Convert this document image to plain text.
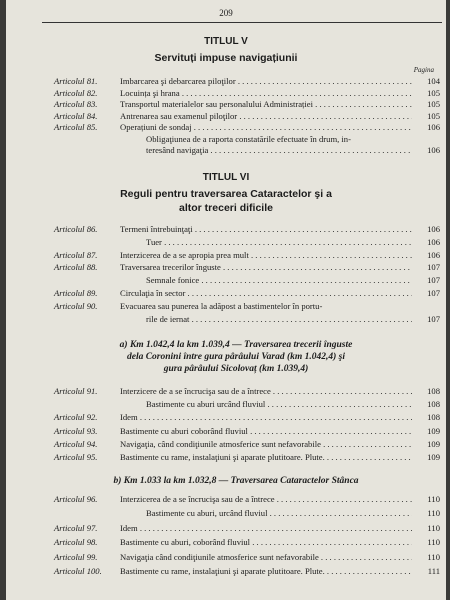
209
TITLUL V
Servituți impuse navigațiunii
Pagina
Articolul 81.	Imbarcarea şi debarcarea piloţilor . . .	104
Articolul 82.	Locuința şi hrana . . .	105
Articolul 83.	Transportul materialelor sau personalului Administrației . . .	105
Articolul 84.	Antrenarea sau examenul piloţilor . . .	105
Articolul 85.	Operațiuni de sondaj . . .	106
Obligaţiunea de a raporta constatările efectuate în drum, in-
teresând navigaţia . . .	106
TITLUL VI
Reguli pentru traversarea Cataractelor şi a
altor treceri dificile
Articolul 86.	Termeni întrebuinţaţi . . .	106
Tuer . . .	106
Articolul 87.	Interzicerea de a se apropia prea mult . . .	106
Articolul 88.	Traversarea trecerilor înguste . . .	107
Semnale fonice . . .	107
Articolul 89.	Circulaţia în sector . . .	107
Articolul 90.	Evacuarea sau punerea la adăpost a bastimentelor în portu-
rile de iernat . . .	107
a) Km 1.042,4 la km 1.039,4 — Traversarea trecerii înguste
dela Coronini între gura pârâului Varad (km 1.042,4) şi
gura pârâului Sicolovaț (km 1.039,4)
Articolul 91.	Interzicere de a se încrucişa sau de a întrece . . .	108
Bastimente cu aburi urcând fluviul . . .	108
Articolul 92.	Idem . . .	108
Articolul 93.	Bastimente cu aburi coborând fluviul . . .	109
Articolul 94.	Navigaţia, când condiţiunile atmosferice sunt nefavorabile . . .	109
Articolul 95.	Bastimente cu rame, instalaţiuni şi aparate plutitoare. Plute. . . .	109
b) Km 1.033 la km 1.032,8 — Traversarea Cataractelor Stânca
Articolul 96.	Interzicerea de a se încrucişa sau de a întrece . . .	110
Bastimente cu aburi, urcând fluviul . . .	110
Articolul 97.	Idem . . .	110
Articolul 98.	Bastimente cu aburi, coborând fluviul . . .	110
Articolul 99.	Navigaţia când condiţiunile atmosferice sunt nefavorabile . . .	110
Articolul 100. Bastimente cu rame, instalaţiuni şi aparate plutitoare. Plute. . . .	111
